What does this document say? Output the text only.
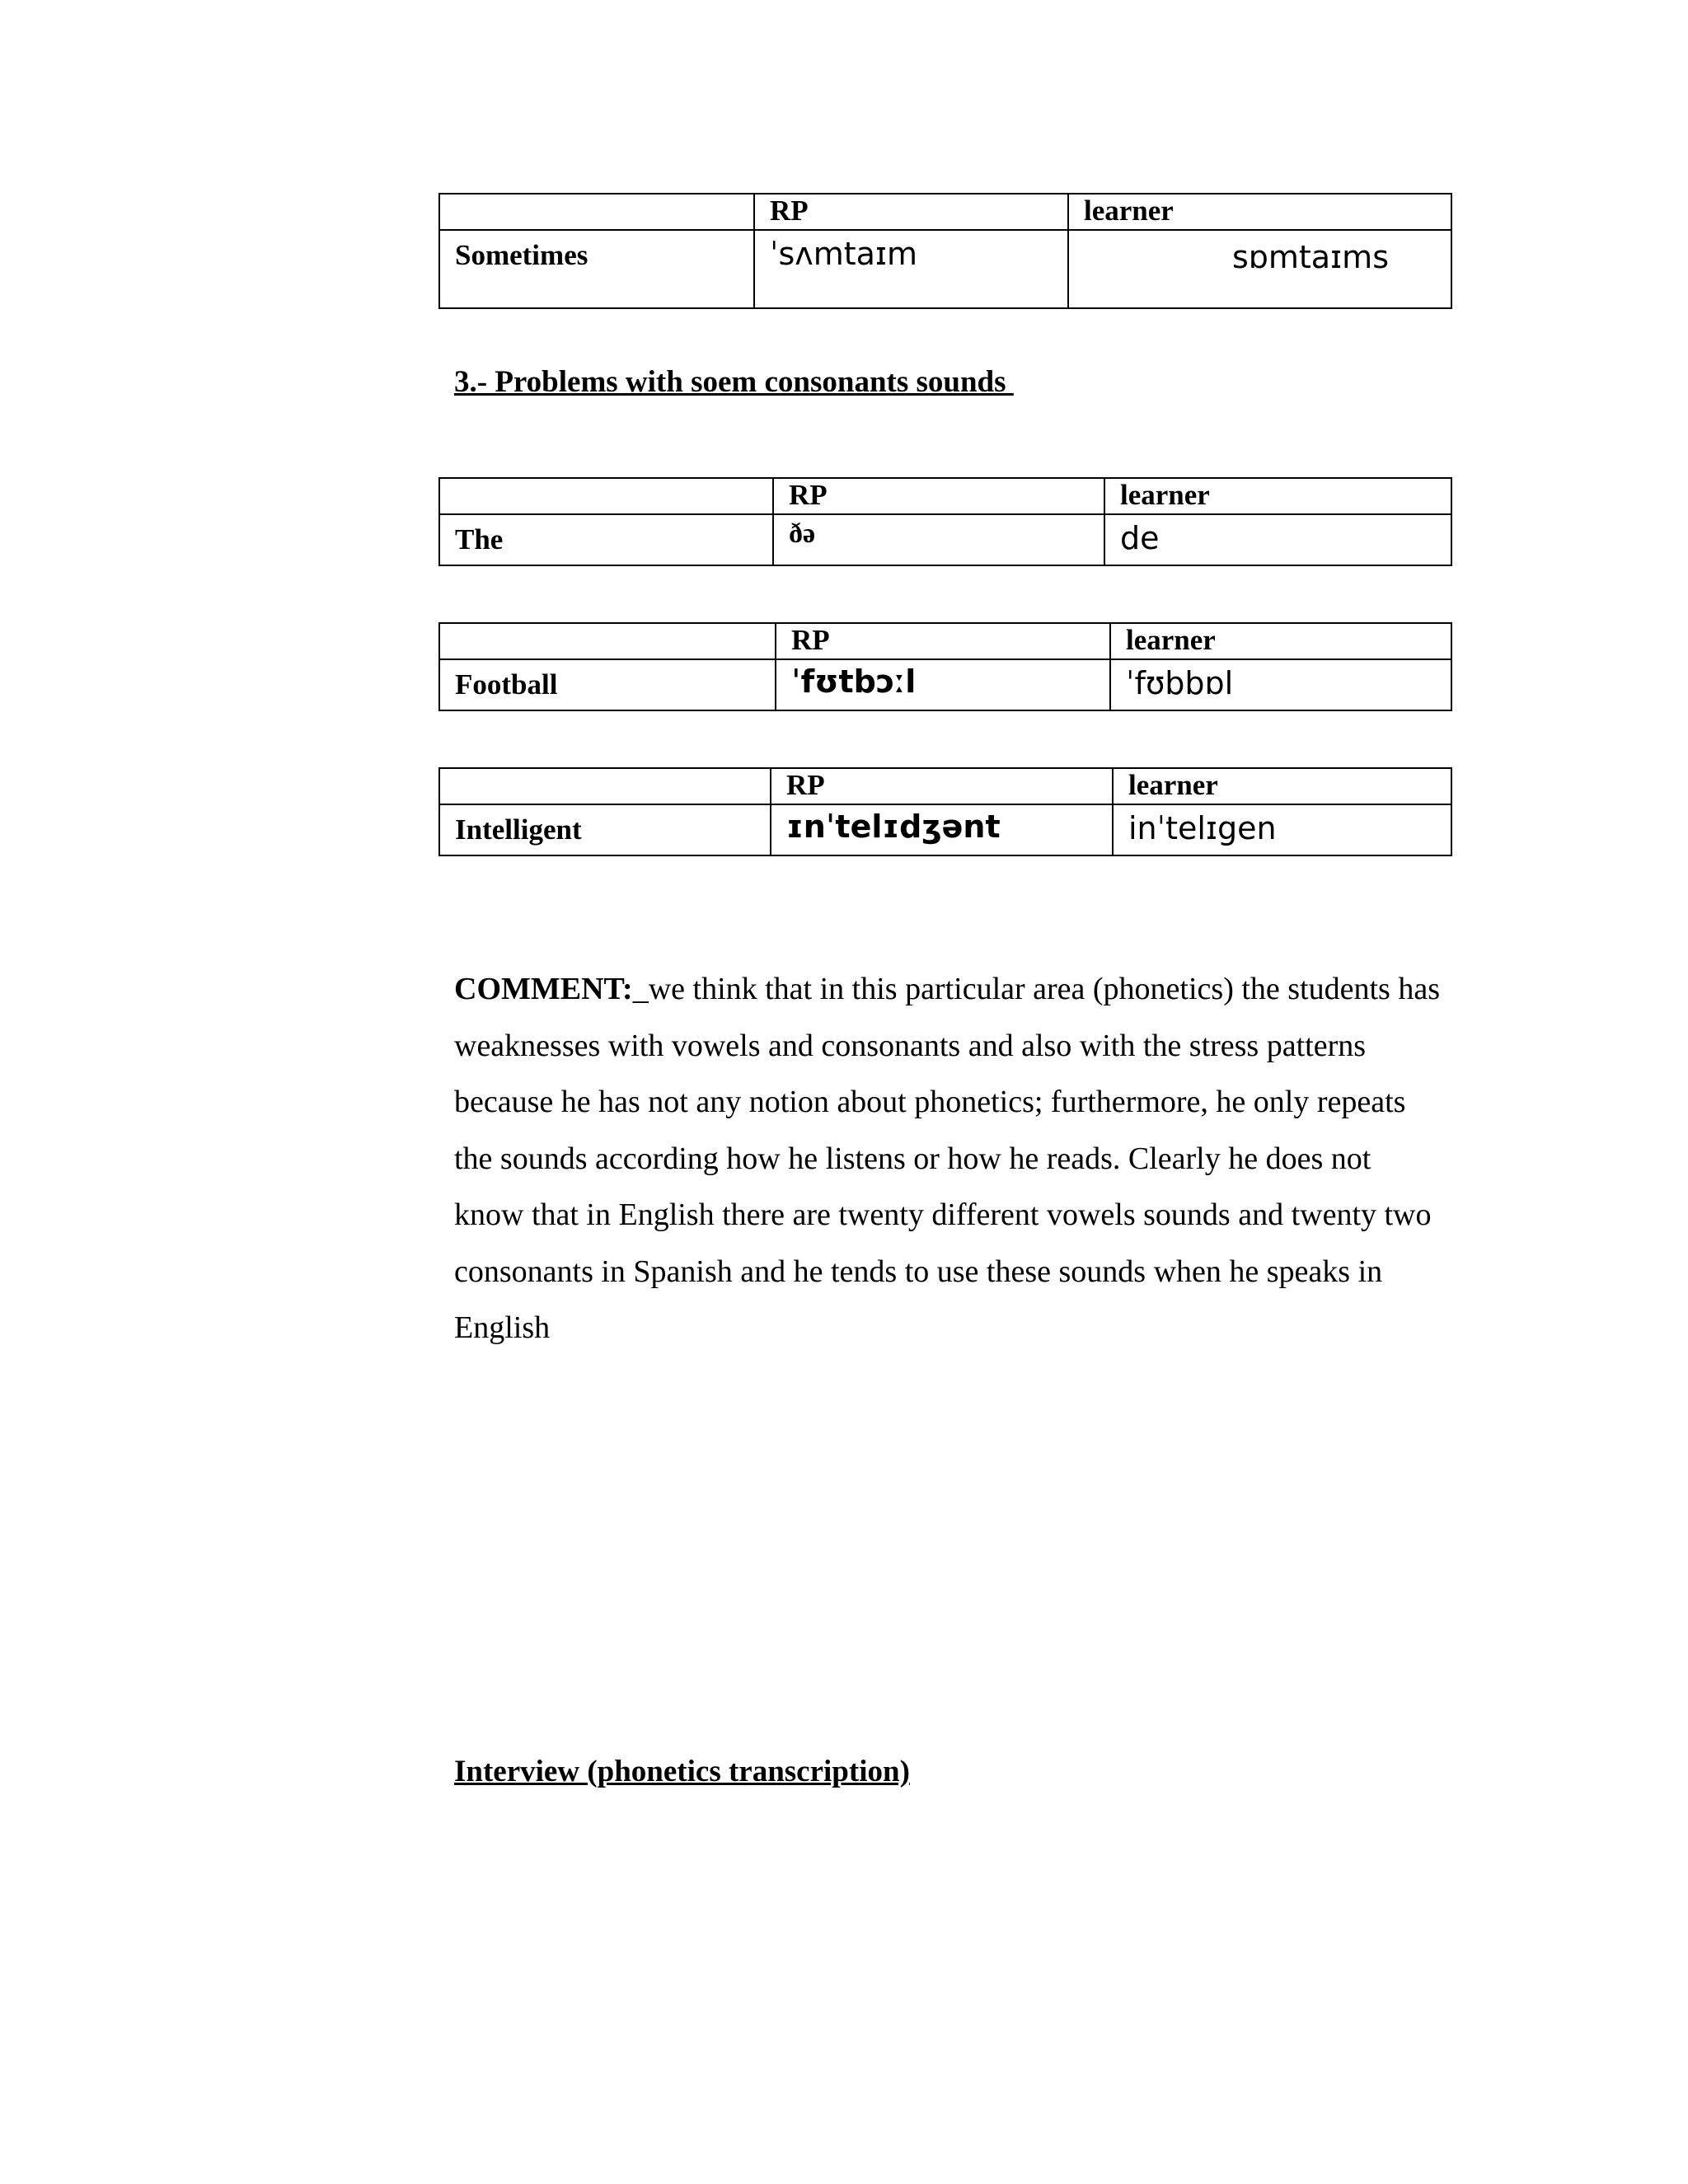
	RP	learner
Sometimes	ˈsʌmtaɪm	sɒmtaɪms
3.- Problems with soem consonants sounds
	RP	learner
The	ðə	de
	RP	learner
Football	ˈfʊtbɔːl	ˈfʊbbɒl
	RP	learner
Intelligent	ɪnˈtelɪdʒənt	inˈtelɪgen
COMMENT:_we think that in this particular area (phonetics) the students has weaknesses with vowels and consonants and also with the stress patterns because he has not any notion about phonetics; furthermore, he only repeats the sounds according how he listens or how he reads. Clearly he does not know that in English there are twenty different vowels sounds and twenty two consonants in Spanish and he tends to use these sounds when he speaks in English
Interview (phonetics transcription)
